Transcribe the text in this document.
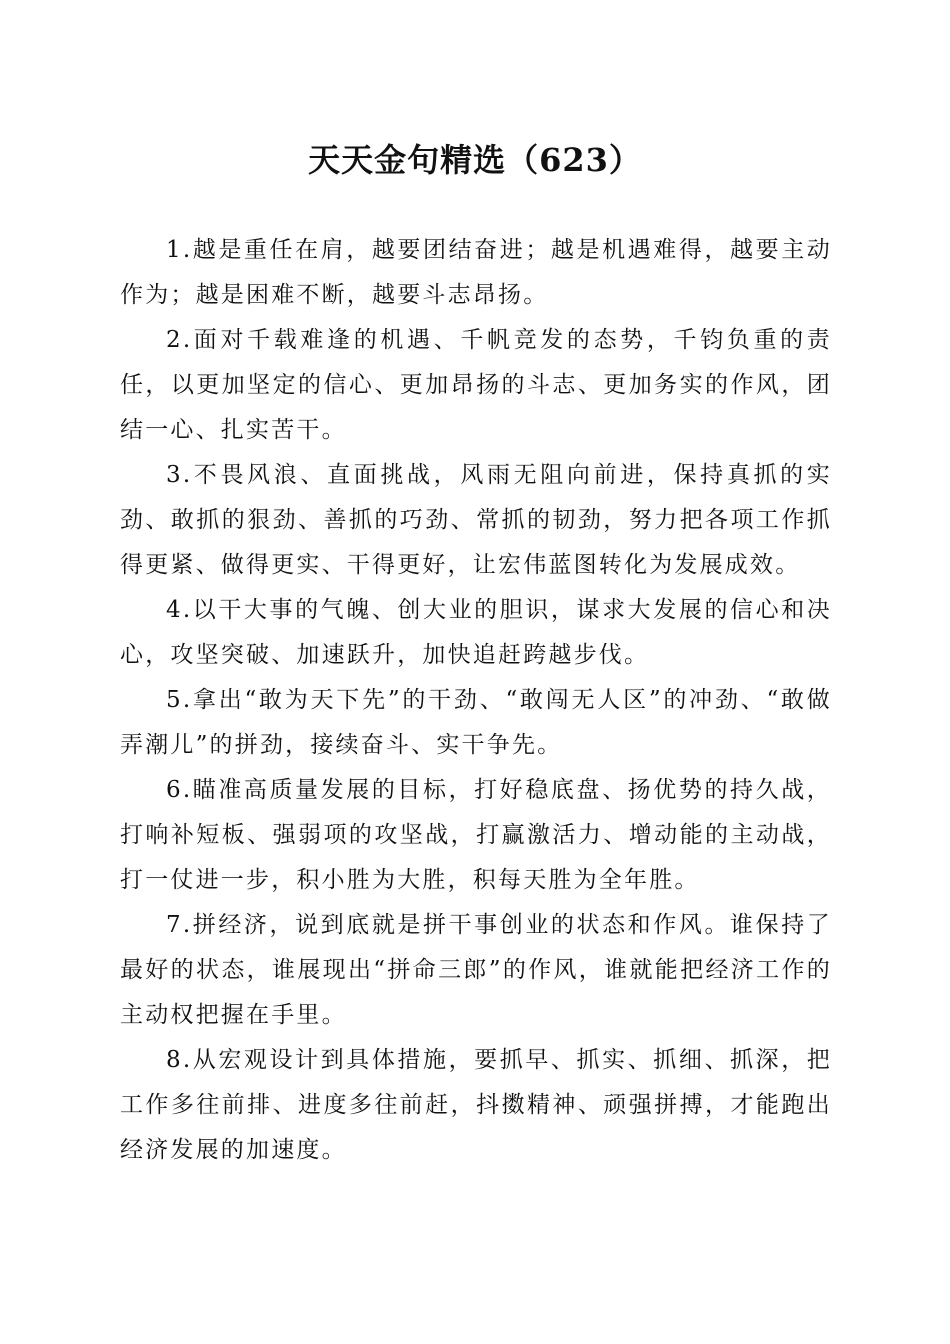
天天金句精选（623）

1.越是重任在肩，越要团结奋进；越是机遇难得，越要主动作为；越是困难不断，越要斗志昂扬。

2.面对千载难逢的机遇、千帆竞发的态势，千钧负重的责任，以更加坚定的信心、更加昂扬的斗志、更加务实的作风，团结一心、扎实苦干。

3.不畏风浪、直面挑战，风雨无阻向前进，保持真抓的实劲、敢抓的狠劲、善抓的巧劲、常抓的韧劲，努力把各项工作抓得更紧、做得更实、干得更好，让宏伟蓝图转化为发展成效。

4.以干大事的气魄、创大业的胆识，谋求大发展的信心和决心，攻坚突破、加速跃升，加快追赶跨越步伐。

5.拿出“敢为天下先”的干劲、“敢闯无人区”的冲劲、“敢做弄潮儿”的拼劲，接续奋斗、实干争先。

6.瞄准高质量发展的目标，打好稳底盘、扬优势的持久战，打响补短板、强弱项的攻坚战，打赢激活力、增动能的主动战，打一仗进一步，积小胜为大胜，积每天胜为全年胜。

7.拼经济，说到底就是拼干事创业的状态和作风。谁保持了最好的状态，谁展现出“拼命三郎”的作风，谁就能把经济工作的主动权把握在手里。

8.从宏观设计到具体措施，要抓早、抓实、抓细、抓深，把工作多往前排、进度多往前赶，抖擞精神、顽强拼搏，才能跑出经济发展的加速度。
